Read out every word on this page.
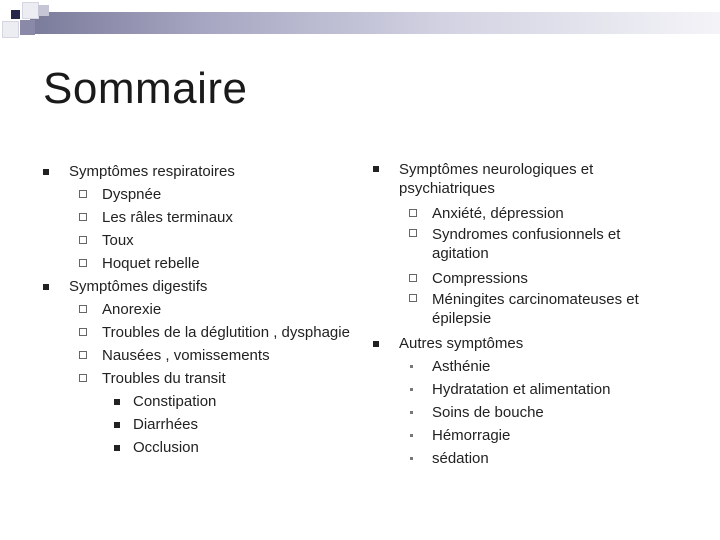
Sommaire
Symptômes respiratoires
Dyspnée
Les râles terminaux
Toux
Hoquet rebelle
Symptômes digestifs
Anorexie
Troubles de la déglutition , dysphagie
Nausées , vomissements
Troubles du transit
Constipation
Diarrhées
Occlusion
Symptômes neurologiques et psychiatriques
Anxiété, dépression
Syndromes confusionnels et agitation
Compressions
Méningites carcinomateuses et épilepsie
Autres symptômes
Asthénie
Hydratation et alimentation
Soins de bouche
Hémorragie
sédation
